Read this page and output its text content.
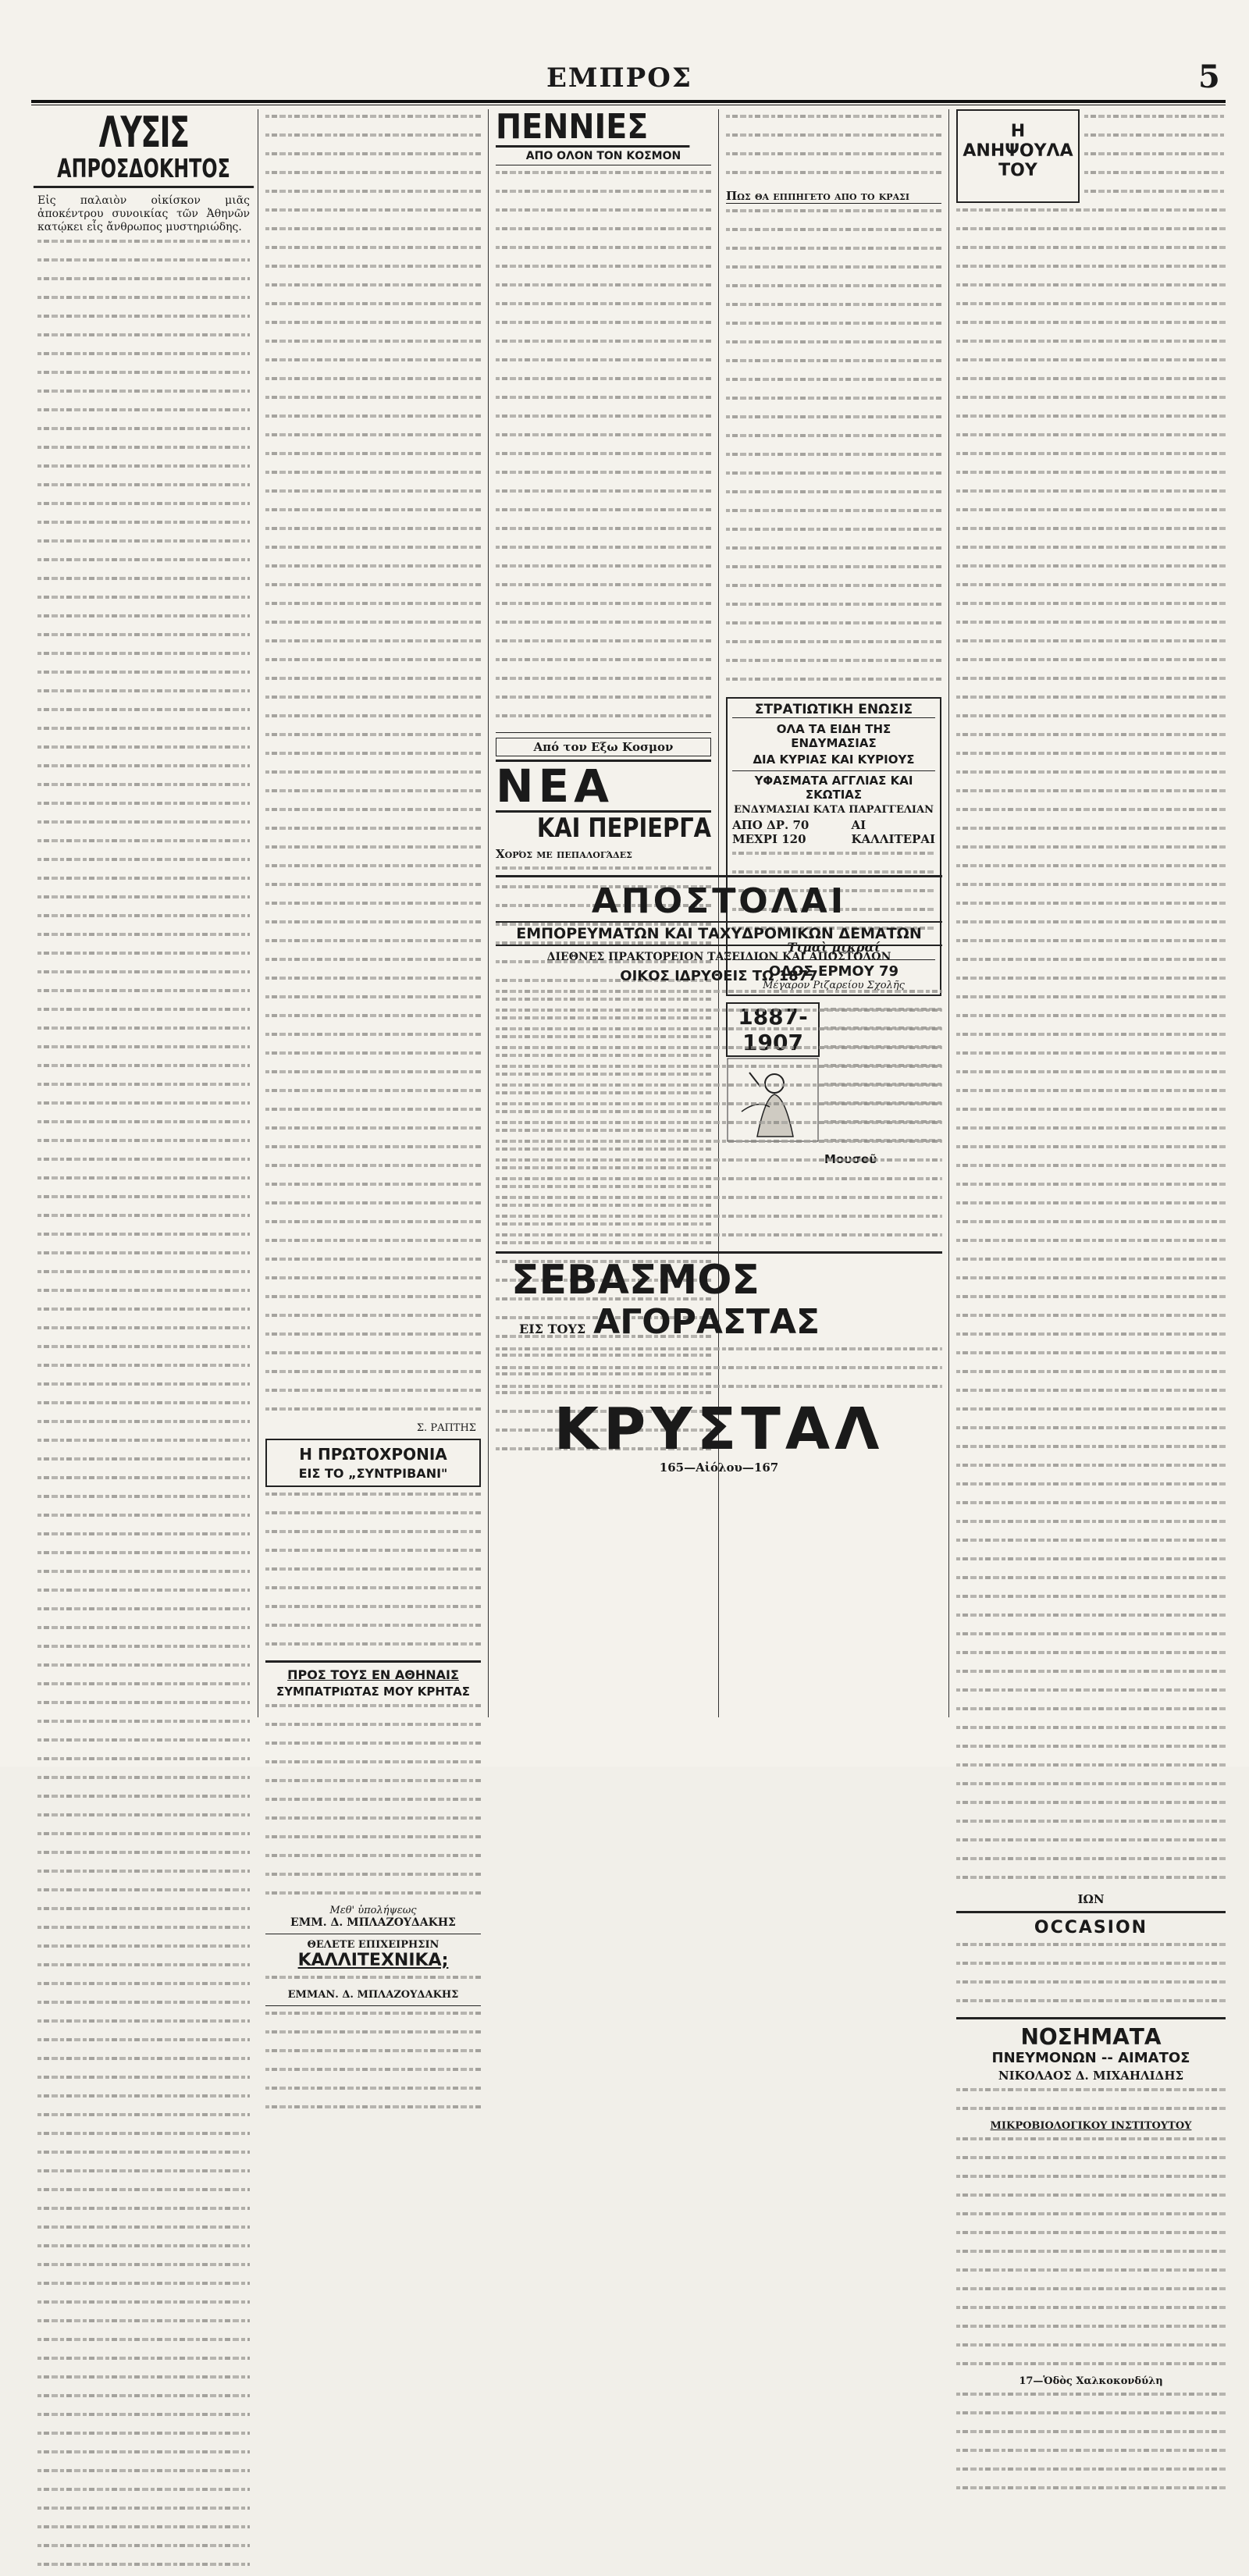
ΕΜΠΡΟΣ	5
ΛΥΣΙΣ
ΑΠΡΟΣΔΟΚΗΤΟΣ

Εἰς παλαιὸν οἰκίσκον μιᾶς ἀποκέντρου συνοικίας τῶν Ἀθηνῶν κατῴκει εἷς ἄνθρωπος μυστηριώδης.

Σ. ΡΑΠΤΗΣ
Η ΠΡΩΤΟΧΡΟΝΙΑ
ΕΙΣ ΤΟ „ΣΥΝΤΡΙΒΑΝΙ"
ΠΡΟΣ ΤΟΥΣ ΕΝ ΑΘΗΝΑΙΣ
ΣΥΜΠΑΤΡΙΩΤΑΣ ΜΟΥ ΚΡΗΤΑΣ
Μεθ' ὑπολήψεως
ΕΜΜ. Δ. ΜΠΛΑΖΟΥΔΑΚΗΣ
ΘΕΛΕΤΕ ΕΠΙΧΕΙΡΗΣΙΝ
ΚΑΛΛΙΤΕΧΝΙΚΑ;
ΕΜΜΑΝ. Δ. ΜΠΛΑΖΟΥΔΑΚΗΣ
ΠΕΝΝΙΕΣ
ΑΠΟ ΟΛΟΝ ΤΟΝ ΚΟΣΜΟΝ
Από τον Εξω Κοσμον
ΝΕΑ
ΚΑΙ ΠΕΡΙΕΡΓΑ
Χορός με πεπαλογάδες
Πως θα εππηγετο απο το κρασι
ΣΤΡΑΤΙΩΤΙΚΗ ΕΝΩΣΙΣ
ΟΛΑ ΤΑ ΕΙΔΗ ΤΗΣ ΕΝΔΥΜΑΣΙΑΣ
ΔΙΑ ΚΥΡΙΑΣ ΚΑΙ ΚΥΡΙΟΥΣ
ΥΦΑΣΜΑΤΑ ΑΓΓΛΙΑΣ ΚΑΙ ΣΚΩΤΙΑΣ
ΕΝΔΥΜΑΣΙΑΙ ΚΑΤΑ ΠΑΡΑΓΓΕΛΙΑΝ
ΑΠΟ ΔΡ. 70 ΜΕΧΡΙ 120
ΑΙ ΚΑΛΛΙΤΕΡΑΙ
Τιμαὶ μικραί
ΟΔΟΣ ΕΡΜΟΥ 79
Μέγαρον Ριζαρείου Σχολῆς
1887-1907
Μουσοῦ
ΑΠΟΣΤΟΛΑΙ
ΕΜΠΟΡΕΥΜΑΤΩΝ ΚΑΙ ΤΑΧΥΔΡΟΜΙΚΩΝ ΔΕΜΑΤΩΝ
ΔΙΕΘΝΕΣ ΠΡΑΚΤΟΡΕΙΟΝ ΤΑΞΕΙΔΙΩΝ ΚΑΙ ΑΠΟΣΤΟΛΩΝ
ΟΙΚΟΣ ΙΔΡΥΘΕΙΣ ΤΩ 1877
ΣΕΒΑΣΜΟΣ
ΕΙΣ ΤΟΥΣ ΑΓΟΡΑΣΤΑΣ
ΚΡΥΣΤΑΛ
165—Αἰόλου—167
Η ΑΝΗΨΟΥΛΑ ΤΟΥ
ΙΩΝ
OCCASION
ΝΟΣΗΜΑΤΑ
ΠΝΕΥΜΟΝΩΝ -- ΑΙΜΑΤΟΣ
ΝΙΚΟΛΑΟΣ Δ. ΜΙΧΑΗΛΙΔΗΣ
ΜΙΚΡΟΒΙΟΛΟΓΙΚΟΥ ΙΝΣΤΙΤΟΥΤΟΥ
17—Ὁδὸς Χαλκοκονδύλη
